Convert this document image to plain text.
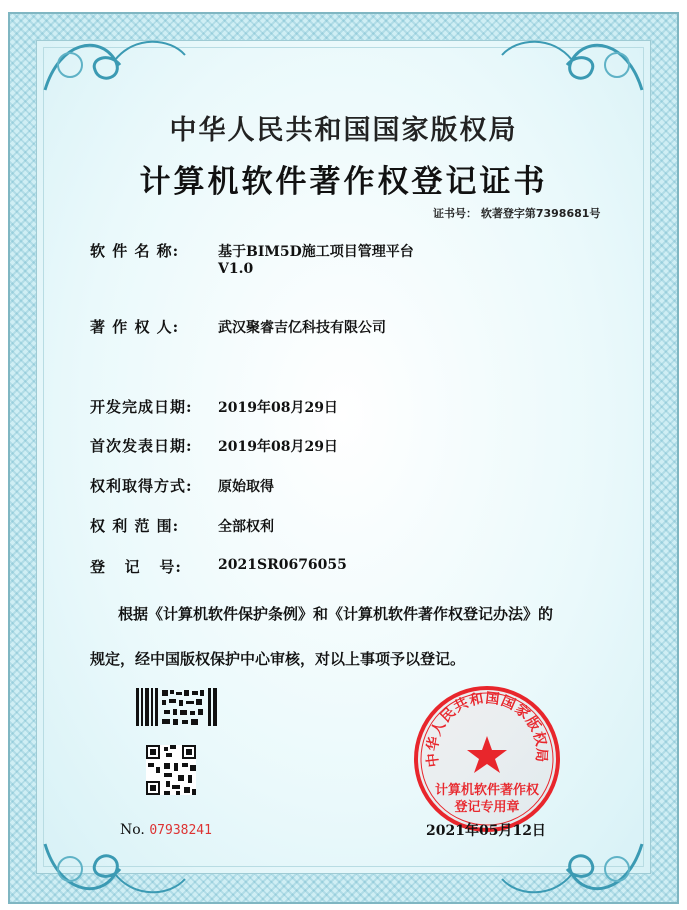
中华人民共和国国家版权局
计算机软件著作权登记证书
证书号： 软著登字第7398681号
软 件 名 称:	基于BIM5D施工项目管理平台
V1.0
著 作 权 人:	武汉聚睿吉亿科技有限公司
开发完成日期: 2019年08月29日
首次发表日期: 2019年08月29日
权利取得方式: 原始取得
权 利 范 围:	全部权利
登   记   号:	2021SR0676055
根据《计算机软件保护条例》和《计算机软件著作权登记办法》的
规定，经中国版权保护中心审核，对以上事项予以登记。
No. 07938241
中华人民共和国国家版权局
计算机软件著作权
登记专用章
2021年05月12日
